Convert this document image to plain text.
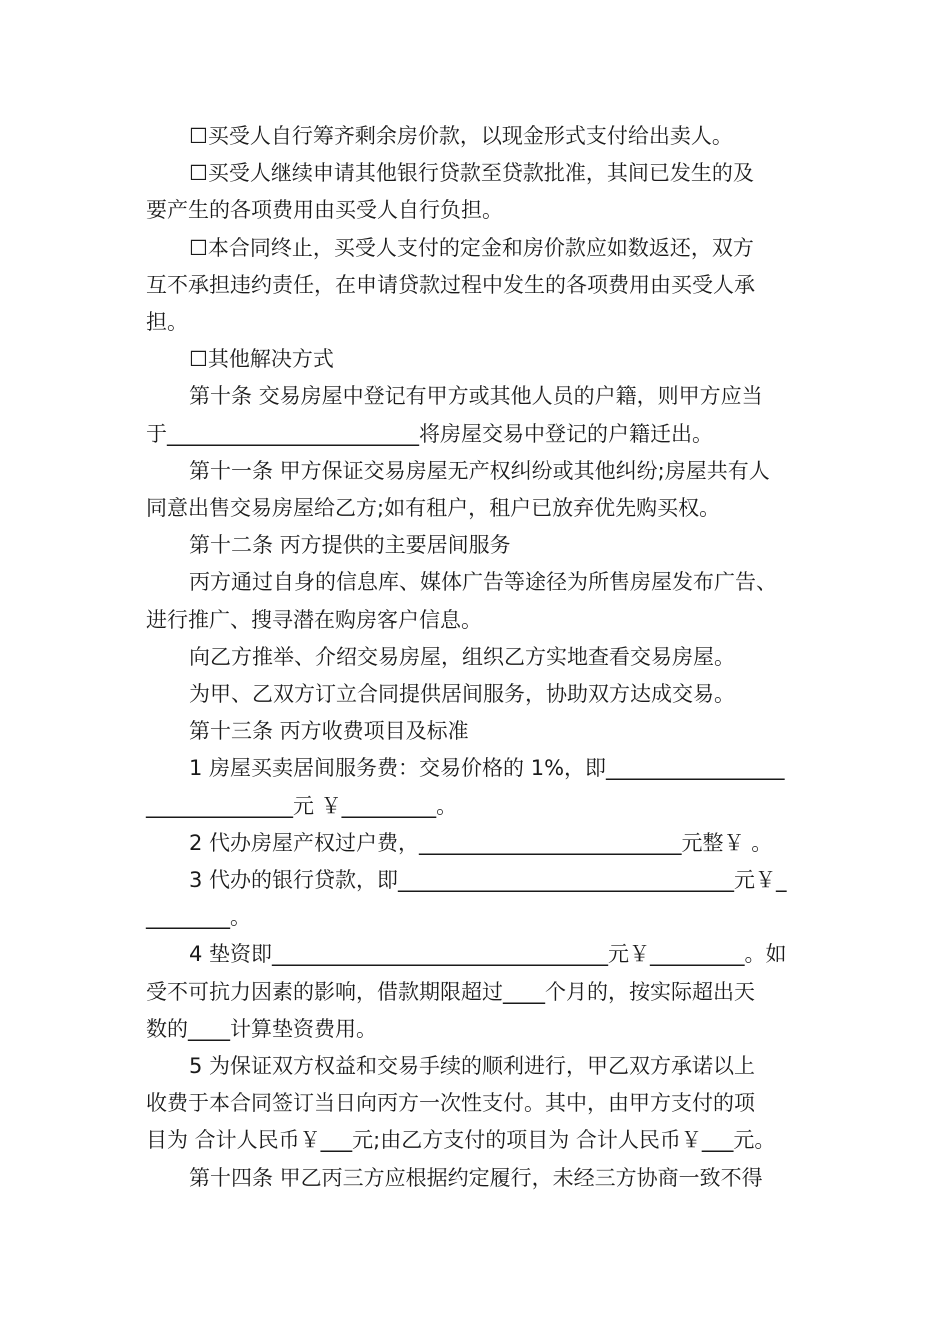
☐买受人自行筹齐剩余房价款，以现金形式支付给出卖人。

☐买受人继续申请其他银行贷款至贷款批准，其间已发生的及

要产生的各项费用由买受人自行负担。

☐本合同终止，买受人支付的定金和房价款应如数返还，双方

互不承担违约责任，在申请贷款过程中发生的各项费用由买受人承

担。

☐其他解决方式

第十条 交易房屋中登记有甲方或其他人员的户籍，则甲方应当

于________________________将房屋交易中登记的户籍迁出。

第十一条 甲方保证交易房屋无产权纠纷或其他纠纷;房屋共有人

同意出售交易房屋给乙方;如有租户，租户已放弃优先购买权。

第十二条 丙方提供的主要居间服务

丙方通过自身的信息库、媒体广告等途径为所售房屋发布广告、

进行推广、搜寻潜在购房客户信息。

向乙方推举、介绍交易房屋，组织乙方实地查看交易房屋。

为甲、乙双方订立合同提供居间服务，协助双方达成交易。

第十三条 丙方收费项目及标准

1 房屋买卖居间服务费：交易价格的 1%，即_________________

______________元 ￥_________。

2 代办房屋产权过户费，_________________________元整￥ 。

3 代办的银行贷款，即________________________________元￥_

________。

4 垫资即________________________________元￥_________。如

受不可抗力因素的影响，借款期限超过____个月的，按实际超出天

数的____计算垫资费用。

5 为保证双方权益和交易手续的顺利进行，甲乙双方承诺以上

收费于本合同签订当日向丙方一次性支付。其中，由甲方支付的项

目为 合计人民币￥___元;由乙方支付的项目为 合计人民币￥___元。

第十四条 甲乙丙三方应根据约定履行，未经三方协商一致不得
